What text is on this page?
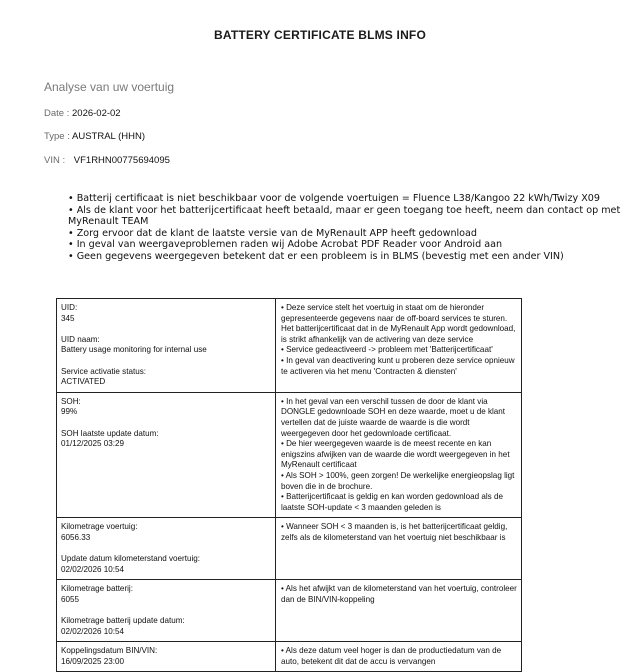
BATTERY CERTIFICATE BLMS INFO
Analyse van uw voertuig
Date : 2026-02-02
Type : AUSTRAL (HHN)
VIN : VF1RHN00775694095

• Batterij certificaat is niet beschikbaar voor de volgende voertuigen = Fluence L38/Kangoo 22 kWh/Twizy X09

• Als de klant voor het batterijcertificaat heeft betaald, maar er geen toegang toe heeft, neem dan contact op met MyRenault TEAM

• Zorg ervoor dat de klant de laatste versie van de MyRenault APP heeft gedownload

• In geval van weergaveproblemen raden wij Adobe Acrobat PDF Reader voor Android aan

• Geen gegevens weergegeven betekent dat er een probleem is in BLMS (bevestig met een ander VIN)

UID:
345
UID naam:
Battery usage monitoring for internal use
Service activatie status:
ACTIVATED

• Deze service stelt het voertuig in staat om de hieronder gepresenteerde gegevens naar de off-board services te sturen. Het batterijcertificaat dat in de MyRenault App wordt gedownload, is strikt afhankelijk van de activering van deze service

• Service gedeactiveerd -> probleem met 'Batterijcertificaat'

• In geval van deactivering kunt u proberen deze service opnieuw te activeren via het menu 'Contracten & diensten'

SOH:
99%
SOH laatste update datum:
01/12/2025 03:29

• In het geval van een verschil tussen de door de klant via DONGLE gedownloade SOH en deze waarde, moet u de klant vertellen dat de juiste waarde de waarde is die wordt weergegeven door het gedownloade certificaat.

• De hier weergegeven waarde is de meest recente en kan enigszins afwijken van de waarde die wordt weergegeven in het MyRenault certificaat

• Als SOH > 100%, geen zorgen! De werkelijke energieopslag ligt boven die in de brochure.

• Batterijcertificaat is geldig en kan worden gedownload als de laatste SOH-update < 3 maanden geleden is

Kilometrage voertuig:
6056.33
Update datum kilometerstand voertuig:
02/02/2026 10:54

• Wanneer SOH < 3 maanden is, is het batterijcertificaat geldig, zelfs als de kilometerstand van het voertuig niet beschikbaar is

Kilometrage batterij:
6055
Kilometrage batterij update datum:
02/02/2026 10:54

• Als het afwijkt van de kilometerstand van het voertuig, controleer dan de BIN/VIN-koppeling

Koppelingsdatum BIN/VIN:
16/09/2025 23:00

• Als deze datum veel hoger is dan de productiedatum van de auto, betekent dit dat de accu is vervangen
